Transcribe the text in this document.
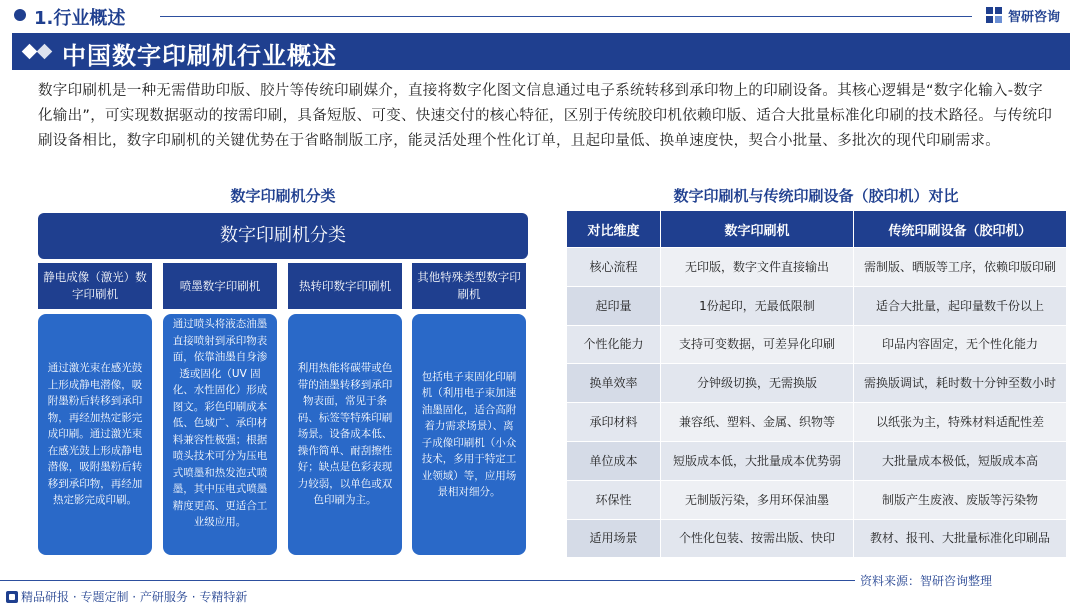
1.行业概述	智研咨询
中国数字印刷机行业概述

数字印刷机是一种无需借助印版、胶片等传统印刷媒介，直接将数字化图文信息通过电子系统转移到承印物上的印刷设备。其核心逻辑是“数字化输入-数字化输出”，可实现数据驱动的按需印刷，具备短版、可变、快速交付的核心特征，区别于传统胶印机依赖印版、适合大批量标准化印刷的技术路径。与传统印刷设备相比，数字印刷机的关键优势在于省略制版工序，能灵活处理个性化订单，且起印量低、换单速度快，契合小批量、多批次的现代印刷需求。

数字印刷机分类
数字印刷机分类
静电成像（激光）数字印刷机
通过激光束在感光鼓上形成静电潜像，吸附墨粉后转移到承印物，再经加热定影完成印刷。通过激光束在感光鼓上形成静电潜像，吸附墨粉后转移到承印物，再经加热定影完成印刷。
喷墨数字印刷机
通过喷头将液态油墨直接喷射到承印物表面，依靠油墨自身渗透或固化（UV 固化、水性固化）形成图文。彩色印刷成本低、色域广、承印材料兼容性极强；根据喷头技术可分为压电式喷墨和热发泡式喷墨，其中压电式喷墨精度更高、更适合工业级应用。
热转印数字印刷机
利用热能将碳带或色带的油墨转移到承印物表面，常见于条码、标签等特殊印刷场景。设备成本低、操作简单、耐刮擦性好；缺点是色彩表现力较弱，以单色或双色印刷为主。
其他特殊类型数字印刷机
包括电子束固化印刷机（利用电子束加速油墨固化，适合高附着力需求场景）、离子成像印刷机（小众技术，多用于特定工业领域）等，应用场景相对细分。
数字印刷机与传统印刷设备（胶印机）对比
对比维度	数字印刷机	传统印刷设备（胶印机）
核心流程	无印版，数字文件直接输出	需制版、晒版等工序，依赖印版印刷
起印量	1份起印，无最低限制	适合大批量，起印量数千份以上
个性化能力	支持可变数据，可差异化印刷	印品内容固定，无个性化能力
换单效率	分钟级切换，无需换版	需换版调试，耗时数十分钟至数小时
承印材料	兼容纸、塑料、金属、织物等	以纸张为主，特殊材料适配性差
单位成本	短版成本低，大批量成本优势弱	大批量成本极低，短版成本高
环保性	无制版污染，多用环保油墨	制版产生废液、废版等污染物
适用场景	个性化包装、按需出版、快印	教材、报刊、大批量标准化印刷品
资料来源：智研咨询整理
精品研报 · 专题定制 · 产研服务 · 专精特新
